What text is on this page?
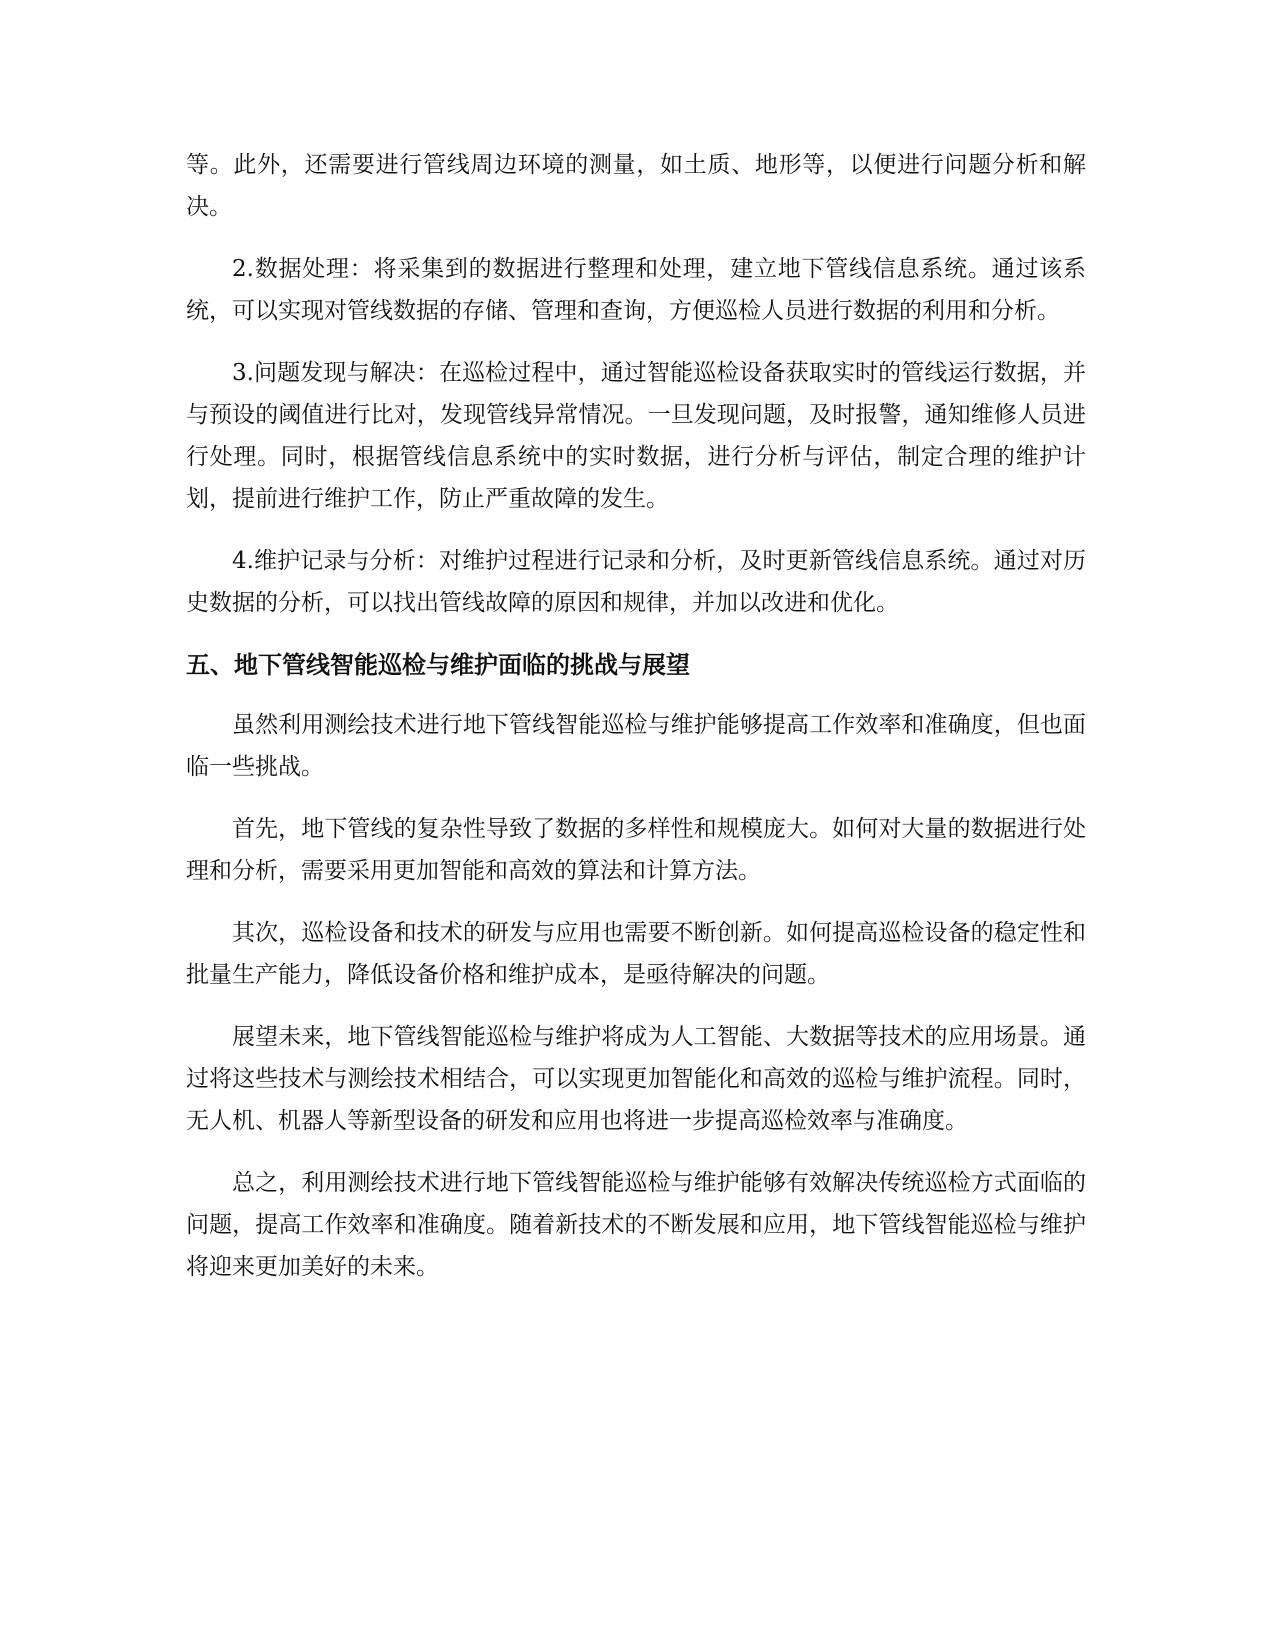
等。此外，还需要进行管线周边环境的测量，如土质、地形等，以便进行问题分析和解决。

2.数据处理：将采集到的数据进行整理和处理，建立地下管线信息系统。通过该系统，可以实现对管线数据的存储、管理和查询，方便巡检人员进行数据的利用和分析。

3.问题发现与解决：在巡检过程中，通过智能巡检设备获取实时的管线运行数据，并与预设的阈值进行比对，发现管线异常情况。一旦发现问题，及时报警，通知维修人员进行处理。同时，根据管线信息系统中的实时数据，进行分析与评估，制定合理的维护计划，提前进行维护工作，防止严重故障的发生。

4.维护记录与分析：对维护过程进行记录和分析，及时更新管线信息系统。通过对历史数据的分析，可以找出管线故障的原因和规律，并加以改进和优化。

五、地下管线智能巡检与维护面临的挑战与展望

虽然利用测绘技术进行地下管线智能巡检与维护能够提高工作效率和准确度，但也面临一些挑战。

首先，地下管线的复杂性导致了数据的多样性和规模庞大。如何对大量的数据进行处理和分析，需要采用更加智能和高效的算法和计算方法。

其次，巡检设备和技术的研发与应用也需要不断创新。如何提高巡检设备的稳定性和批量生产能力，降低设备价格和维护成本，是亟待解决的问题。

展望未来，地下管线智能巡检与维护将成为人工智能、大数据等技术的应用场景。通过将这些技术与测绘技术相结合，可以实现更加智能化和高效的巡检与维护流程。同时，无人机、机器人等新型设备的研发和应用也将进一步提高巡检效率与准确度。

总之，利用测绘技术进行地下管线智能巡检与维护能够有效解决传统巡检方式面临的问题，提高工作效率和准确度。随着新技术的不断发展和应用，地下管线智能巡检与维护将迎来更加美好的未来。
